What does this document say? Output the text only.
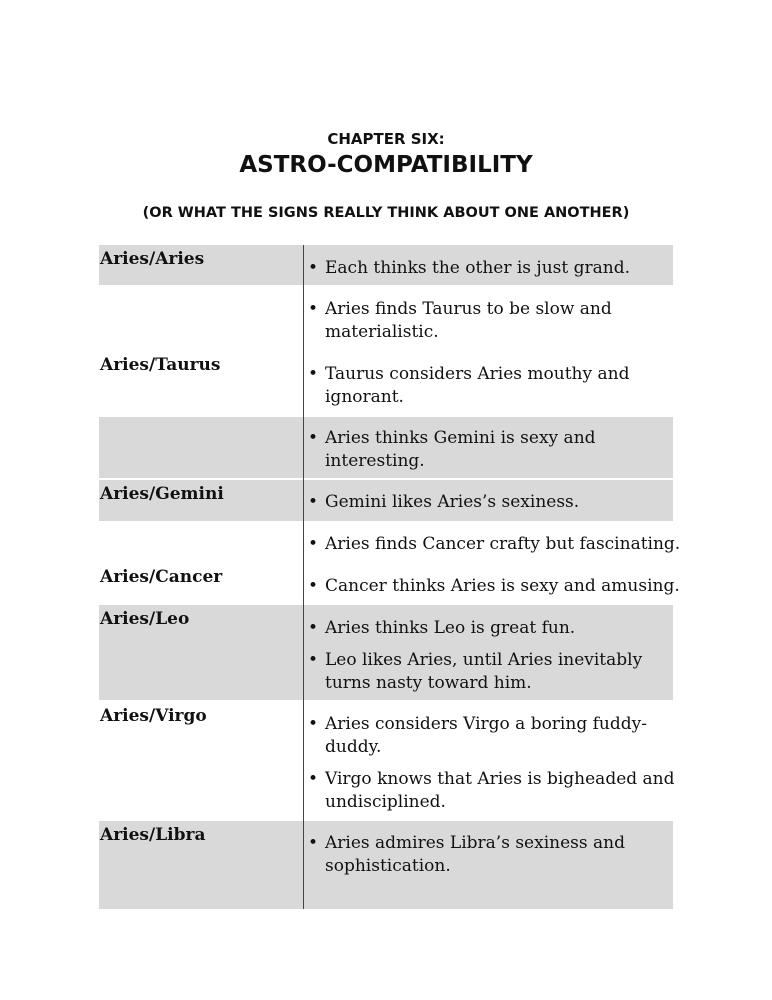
CHAPTER SIX:
ASTRO-COMPATIBILITY
(OR WHAT THE SIGNS REALLY THINK ABOUT ONE ANOTHER)
Aries/Aries
Aries/Taurus
Aries/Gemini
Aries/Cancer
Aries/Leo
Aries/Virgo
Aries/Libra
• Each thinks the other is just grand.
• Aries finds Taurus to be slow and materialistic.
• Taurus considers Aries mouthy and ignorant.
• Aries thinks Gemini is sexy and interesting.
• Gemini likes Aries’s sexiness.
• Aries finds Cancer crafty but fascinating.
• Cancer thinks Aries is sexy and amusing.
• Aries thinks Leo is great fun.
• Leo likes Aries, until Aries inevitably turns nasty toward him.
• Aries considers Virgo a boring fuddy-duddy.
• Virgo knows that Aries is bigheaded and undisciplined.
• Aries admires Libra’s sexiness and sophistication.
